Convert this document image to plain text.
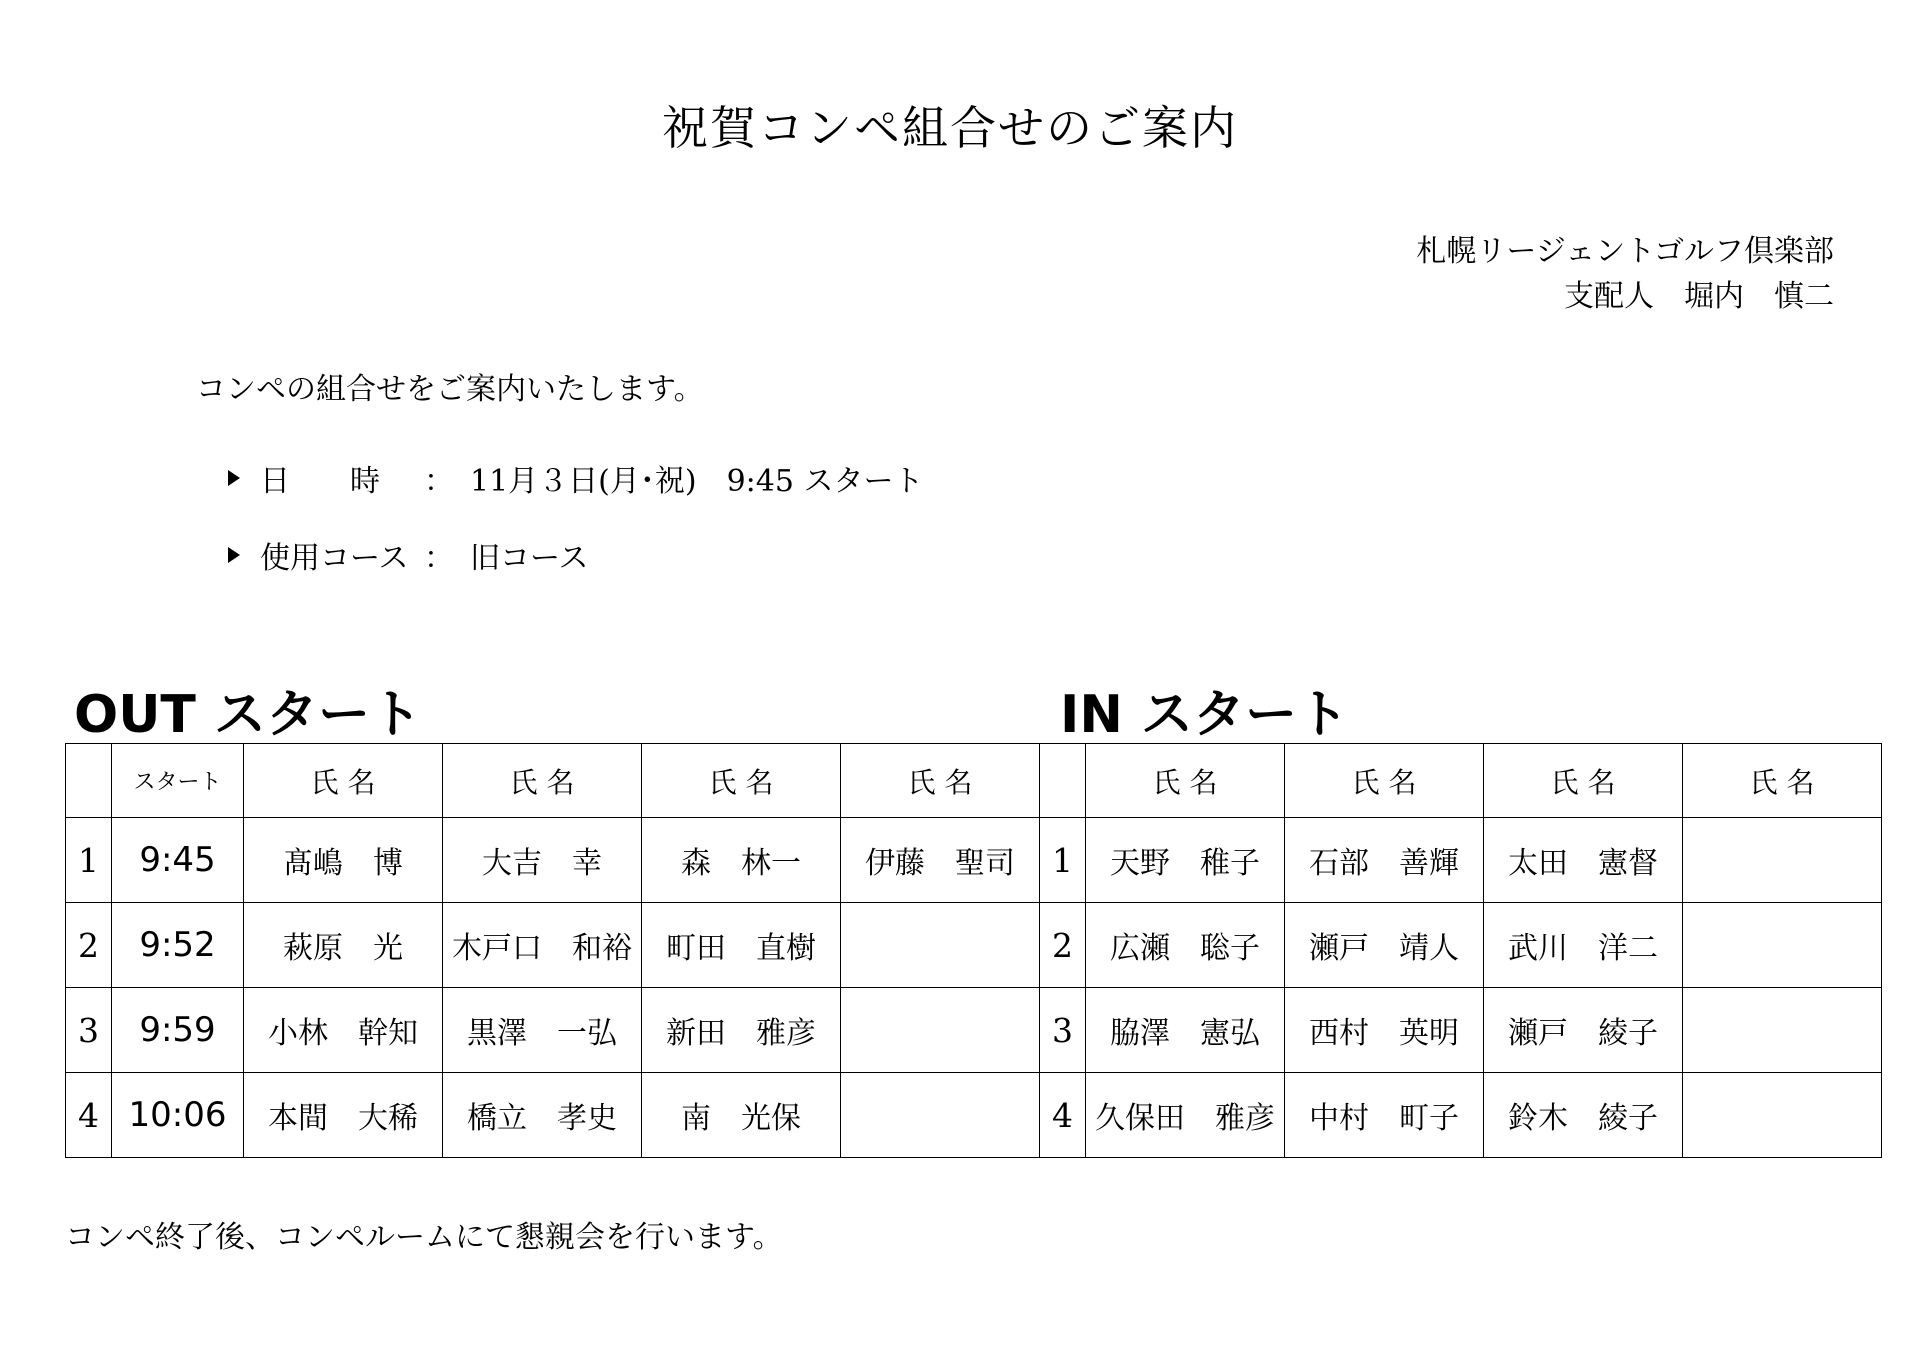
祝賀コンペ組合せのご案内
札幌リージェントゴルフ倶楽部
支配人　堀内　慎二
コンペの組合せをご案内いたします。
日　　時	： 11月３日(月･祝)　9:45 スタート
使用コース ： 旧コース
OUT スタート	IN スタート
	スタート	氏 名	氏 名	氏 名	氏 名		氏 名	氏 名	氏 名	氏 名
1	9:45	髙嶋　博	大吉　幸	森　林一	伊藤　聖司	1	天野　稚子	石部　善輝	太田　憲督	
2	9:52	萩原　光	木戸口　和裕	町田　直樹		2	広瀬　聡子	瀬戸　靖人	武川　洋二	
3	9:59	小林　幹知	黒澤　一弘	新田　雅彦		3	脇澤　憲弘	西村　英明	瀬戸　綾子	
4	10:06	本間　大稀	橋立　孝史	南　光保		4	久保田　雅彦	中村　町子	鈴木　綾子	
コンペ終了後、コンペルームにて懇親会を行います。
